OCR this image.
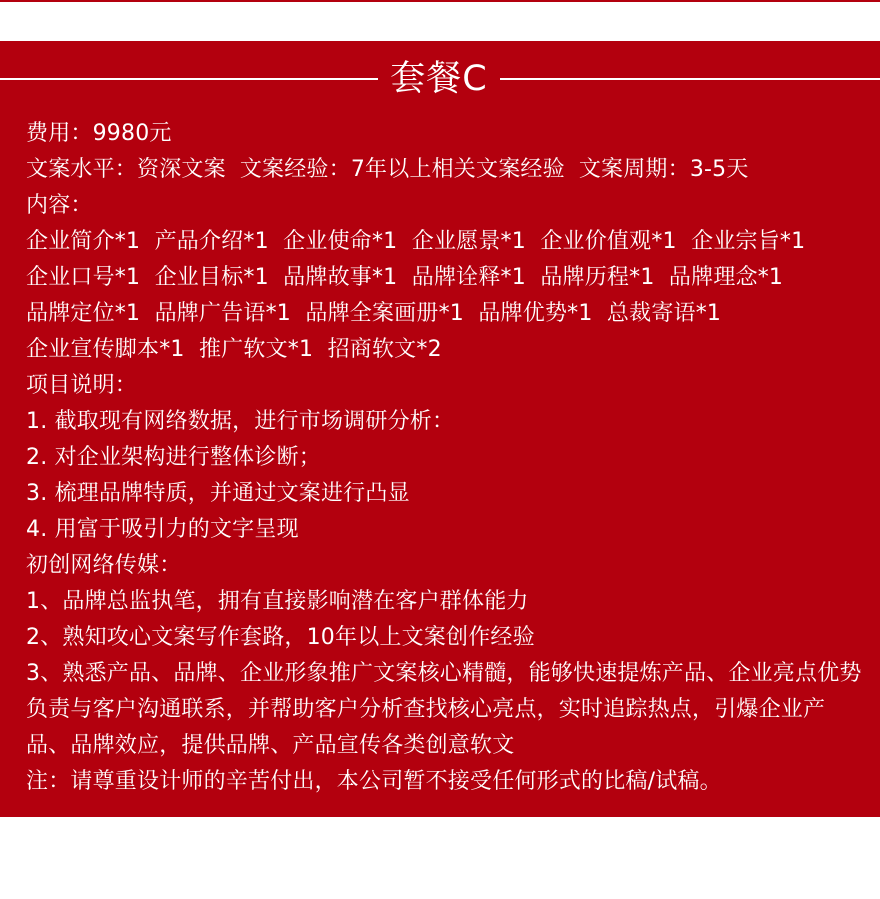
套餐C
费用：9980元
文案水平：资深文案 文案经验：7年以上相关文案经验 文案周期：3-5天
内容：
企业简介*1  产品介绍*1  企业使命*1  企业愿景*1  企业价值观*1  企业宗旨*1
企业口号*1  企业目标*1  品牌故事*1  品牌诠释*1  品牌历程*1  品牌理念*1
品牌定位*1  品牌广告语*1  品牌全案画册*1  品牌优势*1  总裁寄语*1
企业宣传脚本*1  推广软文*1  招商软文*2
项目说明：
1. 截取现有网络数据，进行市场调研分析：
2. 对企业架构进行整体诊断；
3. 梳理品牌特质，并通过文案进行凸显
4. 用富于吸引力的文字呈现
初创网络传媒：
1、品牌总监执笔，拥有直接影响潜在客户群体能力
2、熟知攻心文案写作套路，10年以上文案创作经验
3、熟悉产品、品牌、企业形象推广文案核心精髓，能够快速提炼产品、企业亮点优势负责与客户沟通联系，并帮助客户分析查找核心亮点，实时追踪热点，引爆企业产品、品牌效应，提供品牌、产品宣传各类创意软文
注：请尊重设计师的辛苦付出，本公司暂不接受任何形式的比稿/试稿。
